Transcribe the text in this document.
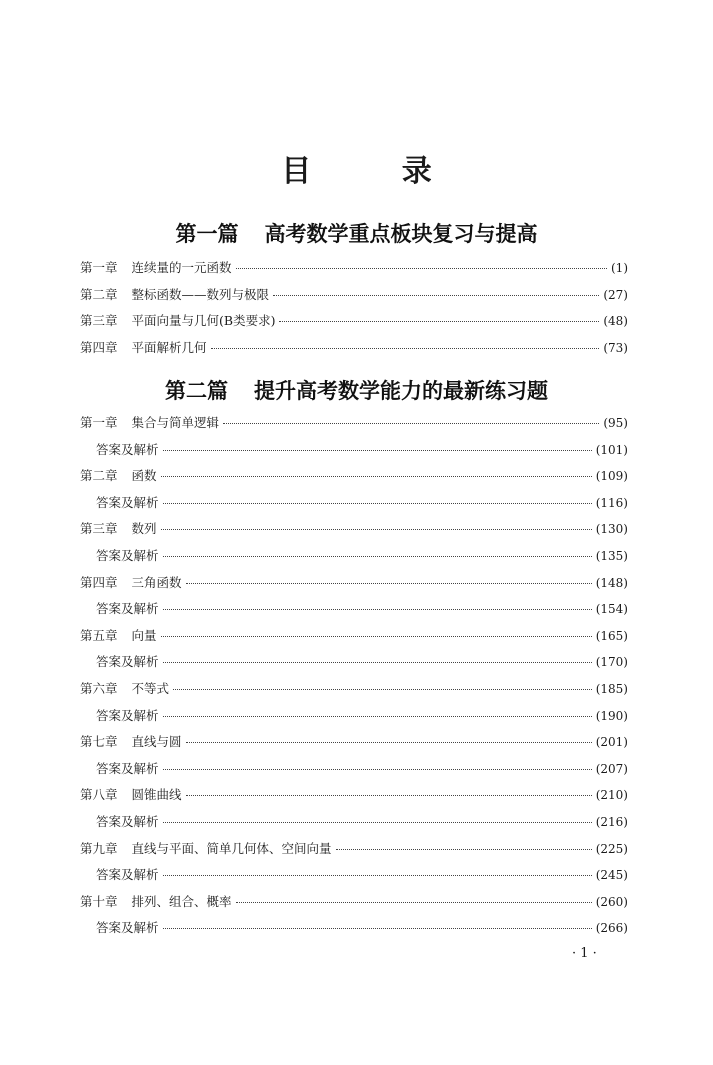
目 录
第一篇 高考数学重点板块复习与提高
第一章 连续量的一元函数	(1)
第二章 整标函数——数列与极限	(27)
第三章 平面向量与几何(B类要求)	(48)
第四章 平面解析几何	(73)
第二篇 提升高考数学能力的最新练习题
第一章 集合与简单逻辑	(95)
答案及解析	(101)
第二章 函数	(109)
答案及解析	(116)
第三章 数列	(130)
答案及解析	(135)
第四章 三角函数	(148)
答案及解析	(154)
第五章 向量	(165)
答案及解析	(170)
第六章 不等式	(185)
答案及解析	(190)
第七章 直线与圆	(201)
答案及解析	(207)
第八章 圆锥曲线	(210)
答案及解析	(216)
第九章 直线与平面、简单几何体、空间向量	(225)
答案及解析	(245)
第十章 排列、组合、概率	(260)
答案及解析	(266)
· 1 ·
